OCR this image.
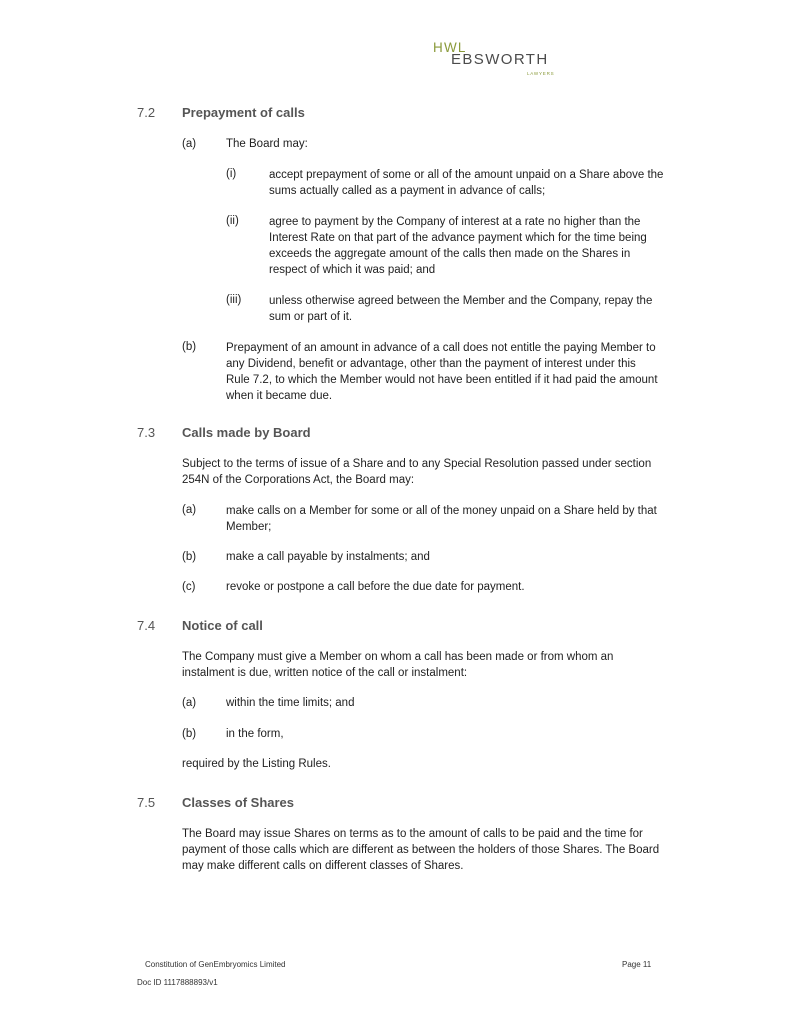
HWL
EBSWORTH
LAWYERS
7.2 Prepayment of calls
(a)	The Board may:
(i)	accept prepayment of some or all of the amount unpaid on a Share above the sums actually called as a payment in advance of calls;

(ii)	agree to payment by the Company of interest at a rate no higher than the Interest Rate on that part of the advance payment which for the time being exceeds the aggregate amount of the calls then made on the Shares in respect of which it was paid; and

(iii) unless otherwise agreed between the Member and the Company, repay the sum or part of it.

(b)	Prepayment of an amount in advance of a call does not entitle the paying Member to any Dividend, benefit or advantage, other than the payment of interest under this Rule 7.2, to which the Member would not have been entitled if it had paid the amount when it became due.

7.3 Calls made by Board

Subject to the terms of issue of a Share and to any Special Resolution passed under section 254N of the Corporations Act, the Board may:

(a)	make calls on a Member for some or all of the money unpaid on a Share held by that Member;

(b)	make a call payable by instalments; and
(c)	revoke or postpone a call before the due date for payment.
7.4 Notice of call

The Company must give a Member on whom a call has been made or from whom an instalment is due, written notice of the call or instalment:

(a)	within the time limits; and
(b)	in the form,
required by the Listing Rules.
7.5 Classes of Shares

The Board may issue Shares on terms as to the amount of calls to be paid and the time for payment of those calls which are different as between the holders of those Shares. The Board may make different calls on different classes of Shares.

Constitution of GenEmbryomics Limited	Page 11
Doc ID 1117888893/v1
